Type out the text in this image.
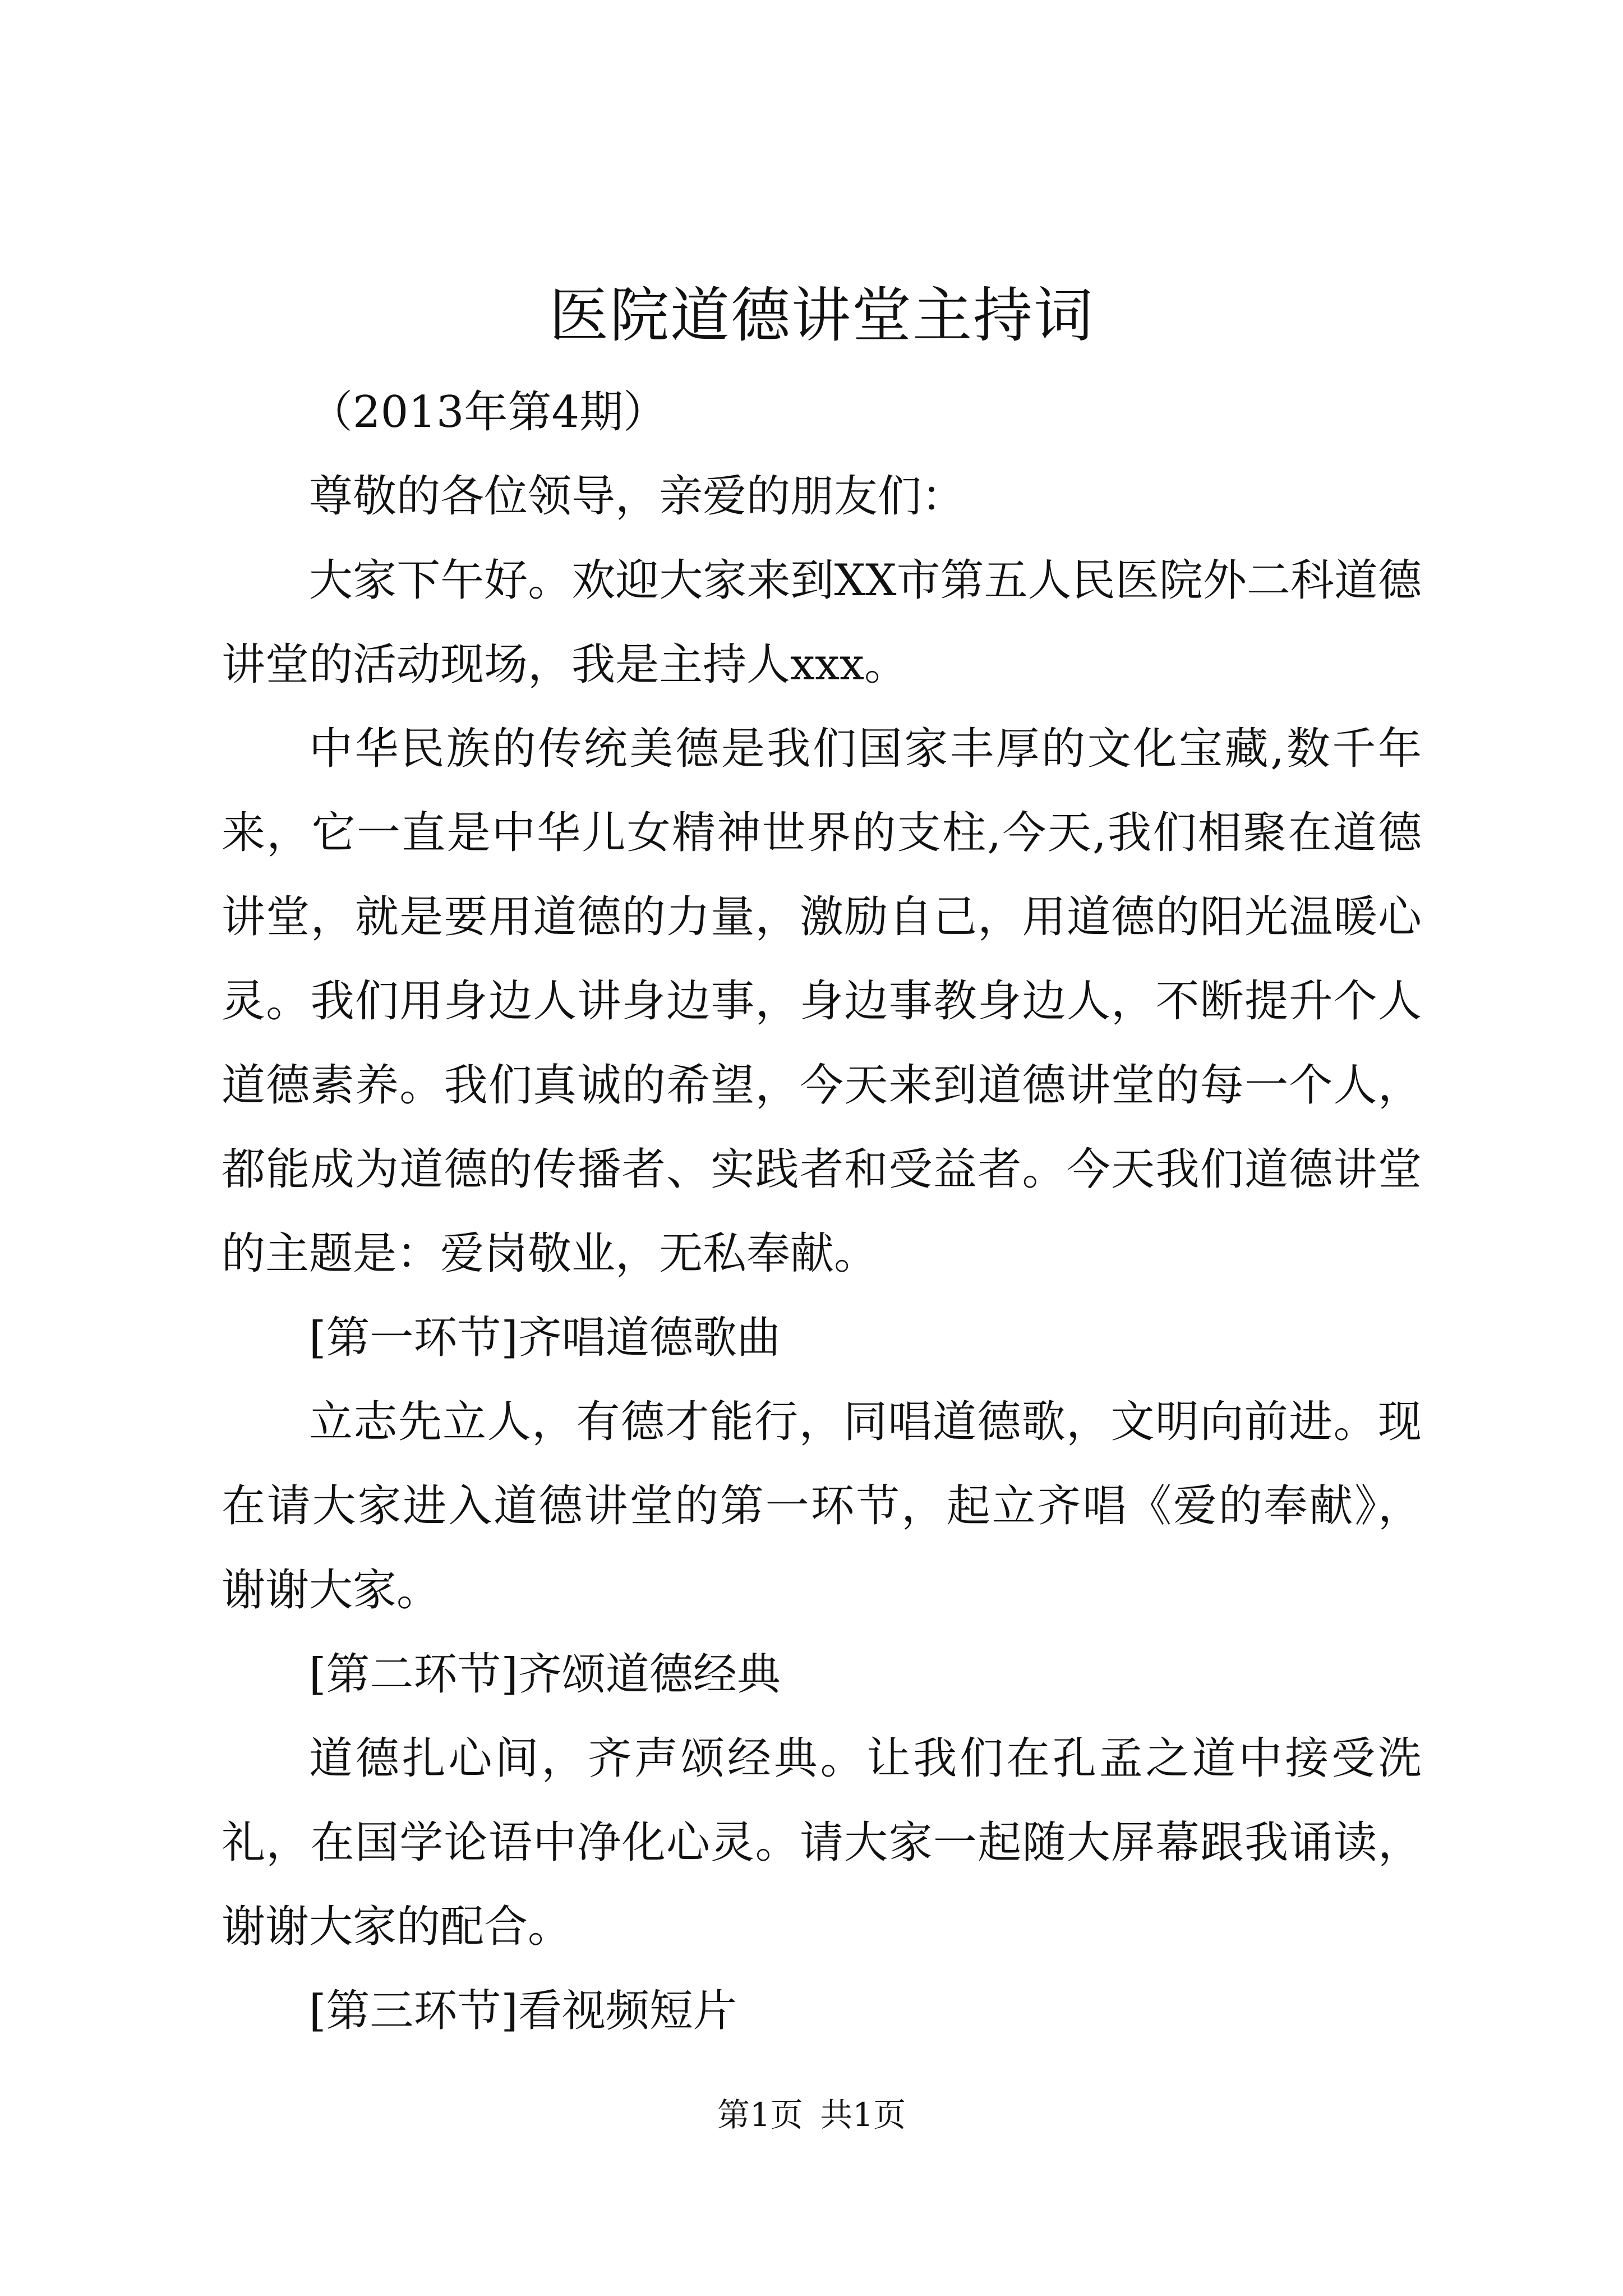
医院道德讲堂主持词

（2013年第4期）

尊敬的各位领导，亲爱的朋友们：

大家下午好。欢迎大家来到XX市第五人民医院外二科道德讲堂的活动现场，我是主持人xxx。

中华民族的传统美德是我们国家丰厚的文化宝藏,数千年来，它一直是中华儿女精神世界的支柱,今天,我们相聚在道德讲堂，就是要用道德的力量，激励自己，用道德的阳光温暖心灵。我们用身边人讲身边事，身边事教身边人，不断提升个人道德素养。我们真诚的希望，今天来到道德讲堂的每一个人，都能成为道德的传播者、实践者和受益者。今天我们道德讲堂的主题是：爱岗敬业，无私奉献。

[第一环节]齐唱道德歌曲

立志先立人，有德才能行，同唱道德歌，文明向前进。现在请大家进入道德讲堂的第一环节，起立齐唱《爱的奉献》，谢谢大家。

[第二环节]齐颂道德经典

道德扎心间，齐声颂经典。让我们在孔孟之道中接受洗礼，在国学论语中净化心灵。请大家一起随大屏幕跟我诵读，谢谢大家的配合。

[第三环节]看视频短片

第1页 共1页
